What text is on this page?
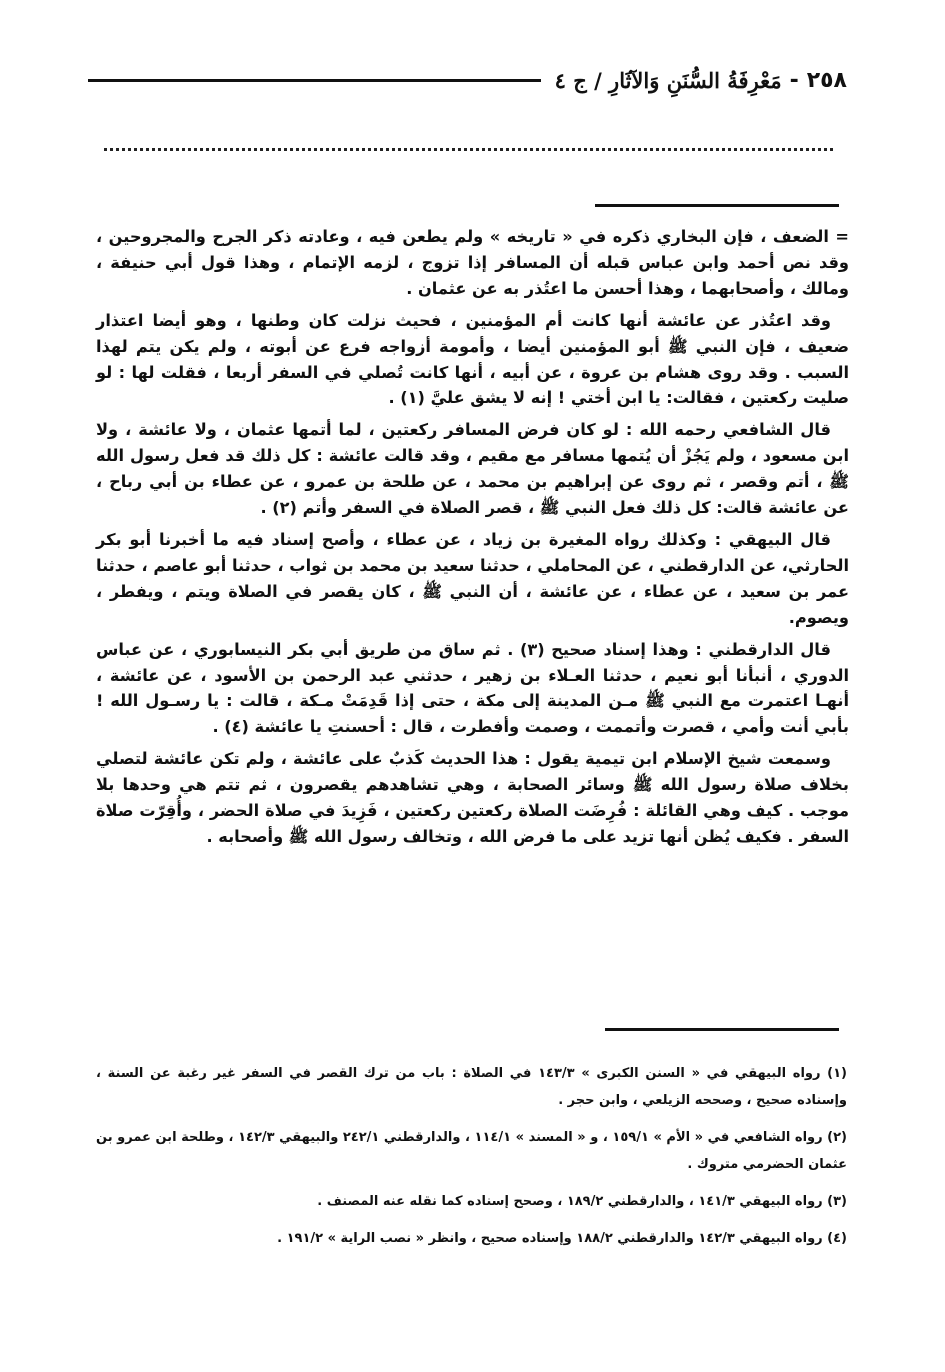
٢٥٨
-
مَعْرِفَةُ السُّنَنِ وَالآثَارِ / ج ٤

= الضعف ، فإن البخاري ذكره في « تاريخه » ولم يطعن فيه ، وعادته ذكر الجرح والمجروحين ، وقد نص أحمد وابن عباس قبله أن المسافر إذا تزوج ، لزمه الإتمام ، وهذا قول أبي حنيفة ، ومالك ، وأصحابهما ، وهذا أحسن ما اعتُذر به عن عثمان .

وقد اعتُذر عن عائشة أنها كانت أم المؤمنين ، فحيث نزلت كان وطنها ، وهو أيضا اعتذار ضعيف ، فإن النبي ﷺ أبو المؤمنين أيضا ، وأمومة أزواجه فرع عن أبوته ، ولم يكن يتم لهذا السبب . وقد روى هشام بن عروة ، عن أبيه ، أنها كانت تُصلي في السفر أربعا ، فقلت لها : لو صليت ركعتين ، فقالت: يا ابن أختي ! إنه لا يشق عليَّ (١) .

قال الشافعي رحمه الله : لو كان فرض المسافر ركعتين ، لما أتمها عثمان ، ولا عائشة ، ولا ابن مسعود ، ولم يَجُزْ أن يُتمها مسافر مع مقيم ، وقد قالت عائشة : كل ذلك قد فعل رسول الله ﷺ ، أتم وقصر ، ثم روى عن إبراهيم بن محمد ، عن طلحة بن عمرو ، عن عطاء بن أبي رباح ، عن عائشة قالت: كل ذلك فعل النبي ﷺ ، قصر الصلاة في السفر وأتم (٢) .

قال البيهقي : وكذلك رواه المغيرة بن زياد ، عن عطاء ، وأصح إسناد فيه ما أخبرنا أبو بكر الحارثي، عن الدارقطني ، عن المحاملي ، حدثنا سعيد بن محمد بن ثواب ، حدثنا أبو عاصم ، حدثنا عمر بن سعيد ، عن عطاء ، عن عائشة ، أن النبي ﷺ ، كان يقصر في الصلاة ويتم ، ويفطر ، ويصوم.

قال الدارقطني : وهذا إسناد صحيح (٣) . ثم ساق من طريق أبي بكر النيسابوري ، عن عباس الدوري ، أنبأنا أبو نعيم ، حدثنا العـلاء بن زهير ، حدثني عبد الرحمن بن الأسود ، عن عائشة ، أنهـا اعتمرت مع النبي ﷺ مـن المدينة إلى مكة ، حتى إذا قَدِمَتْ مـكة ، قالت : يا رسـول الله ! بأبي أنت وأمي ، قصرت وأتممت ، وصمت وأفطرت ، قال : أحسنتِ يا عائشة (٤) .

وسمعت شيخ الإسلام ابن تيمية يقول : هذا الحديث كَذبٌ على عائشة ، ولم تكن عائشة لتصلي بخلاف صلاة رسول الله ﷺ وسائر الصحابة ، وهي تشاهدهم يقصرون ، ثم تتم هي وحدها بلا موجب . كيف وهي القائلة : فُرِضَت الصلاة ركعتين ركعتين ، فَزِيدَ في صلاة الحضر ، وأُقِرّت صلاة السفر . فكيف يُظن أنها تزيد على ما فرض الله ، وتخالف رسول الله ﷺ وأصحابه .

(١) رواه البيهقي في « السنن الكبرى » ١٤٣/٣ في الصلاة : باب من ترك القصر في السفر غير رغبة عن السنة ، وإسناده صحيح ، وصححه الزيلعي ، وابن حجر .

(٢) رواه الشافعي في « الأم » ١٥٩/١ ، و « المسند » ١١٤/١ ، والدارقطني ٢٤٢/١ والبيهقي ١٤٢/٣ ، وطلحة ابن عمرو بن عثمان الحضرمي متروك .

(٣) رواه البيهقي ١٤١/٣ ، والدارقطني ١٨٩/٢ ، وصحح إسناده كما نقله عنه المصنف .

(٤) رواه البيهقي ١٤٢/٣ والدارقطني ١٨٨/٢ وإسناده صحيح ، وانظر « نصب الراية » ١٩١/٢ .
